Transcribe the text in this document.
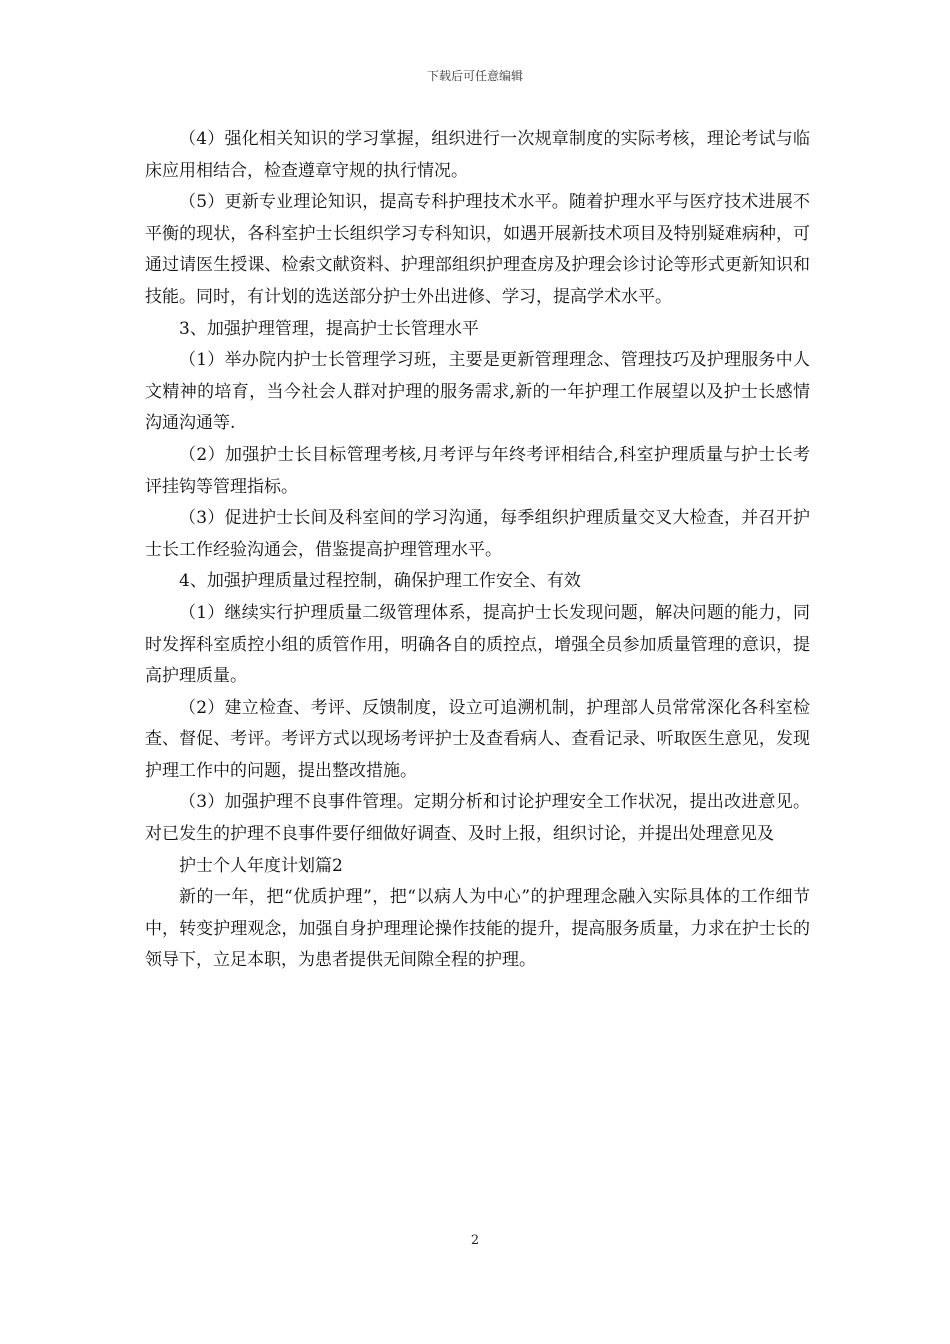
下载后可任意编辑

（4）强化相关知识的学习掌握，组织进行一次规章制度的实际考核，理论考试与临床应用相结合，检查遵章守规的执行情况。

（5）更新专业理论知识，提高专科护理技术水平。随着护理水平与医疗技术进展不平衡的现状，各科室护士长组织学习专科知识，如遇开展新技术项目及特别疑难病种，可通过请医生授课、检索文献资料、护理部组织护理查房及护理会诊讨论等形式更新知识和技能。同时，有计划的选送部分护士外出进修、学习，提高学术水平。

3、加强护理管理，提高护士长管理水平

（1）举办院内护士长管理学习班，主要是更新管理理念、管理技巧及护理服务中人文精神的培育，当今社会人群对护理的服务需求,新的一年护理工作展望以及护士长感情沟通沟通等.

（2）加强护士长目标管理考核,月考评与年终考评相结合,科室护理质量与护士长考评挂钩等管理指标。

（3）促进护士长间及科室间的学习沟通，每季组织护理质量交叉大检查，并召开护士长工作经验沟通会，借鉴提高护理管理水平。

4、加强护理质量过程控制，确保护理工作安全、有效

（1）继续实行护理质量二级管理体系，提高护士长发现问题，解决问题的能力，同时发挥科室质控小组的质管作用，明确各自的质控点，增强全员参加质量管理的意识，提高护理质量。

（2）建立检查、考评、反馈制度，设立可追溯机制，护理部人员常常深化各科室检查、督促、考评。考评方式以现场考评护士及查看病人、查看记录、听取医生意见，发现护理工作中的问题，提出整改措施。

（3）加强护理不良事件管理。定期分析和讨论护理安全工作状况，提出改进意见。对已发生的护理不良事件要仔细做好调查、及时上报，组织讨论，并提出处理意见及

护士个人年度计划篇2

新的一年，把“优质护理”，把“以病人为中心”的护理理念融入实际具体的工作细节中，转变护理观念，加强自身护理理论操作技能的提升，提高服务质量，力求在护士长的领导下，立足本职，为患者提供无间隙全程的护理。

2
